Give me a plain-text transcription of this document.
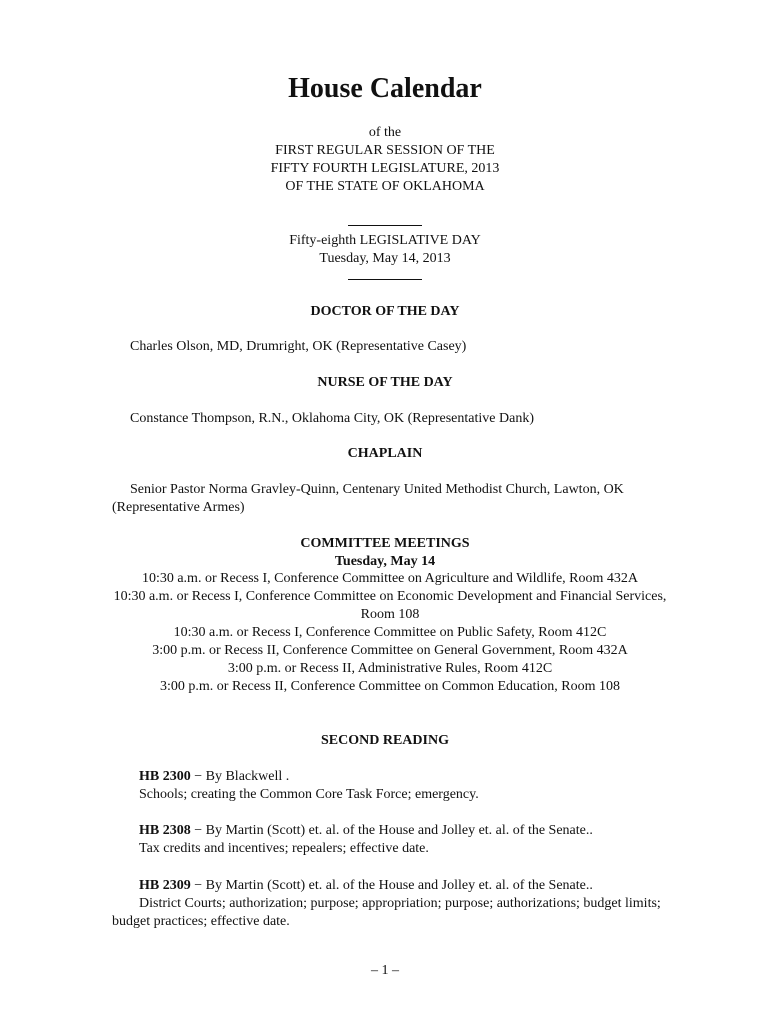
House Calendar
of the
FIRST REGULAR SESSION OF THE
FIFTY FOURTH LEGISLATURE, 2013
OF THE STATE OF OKLAHOMA
Fifty-eighth LEGISLATIVE DAY
Tuesday, May 14, 2013
DOCTOR OF THE DAY
Charles Olson, MD, Drumright, OK (Representative Casey)
NURSE OF THE DAY
Constance Thompson, R.N., Oklahoma City, OK (Representative Dank)
CHAPLAIN
Senior Pastor Norma Gravley-Quinn, Centenary United Methodist Church, Lawton, OK (Representative Armes)
COMMITTEE MEETINGS
Tuesday, May 14
10:30 a.m. or Recess I, Conference Committee on Agriculture and Wildlife, Room 432A
10:30 a.m. or Recess I, Conference Committee on Economic Development and Financial Services, Room 108
10:30 a.m. or Recess I, Conference Committee on Public Safety, Room 412C
3:00 p.m. or Recess II, Conference Committee on General Government, Room 432A
3:00 p.m. or Recess II, Administrative Rules, Room 412C
3:00 p.m. or Recess II, Conference Committee on Common Education, Room 108
SECOND READING
HB 2300 − By Blackwell .
Schools; creating the Common Core Task Force; emergency.
HB 2308 − By Martin (Scott) et. al. of the House and Jolley et. al. of the Senate..
Tax credits and incentives; repealers; effective date.
HB 2309 − By Martin (Scott) et. al. of the House and Jolley et. al. of the Senate..
District Courts; authorization; purpose; appropriation; purpose; authorizations; budget limits; budget practices; effective date.
– 1 –
